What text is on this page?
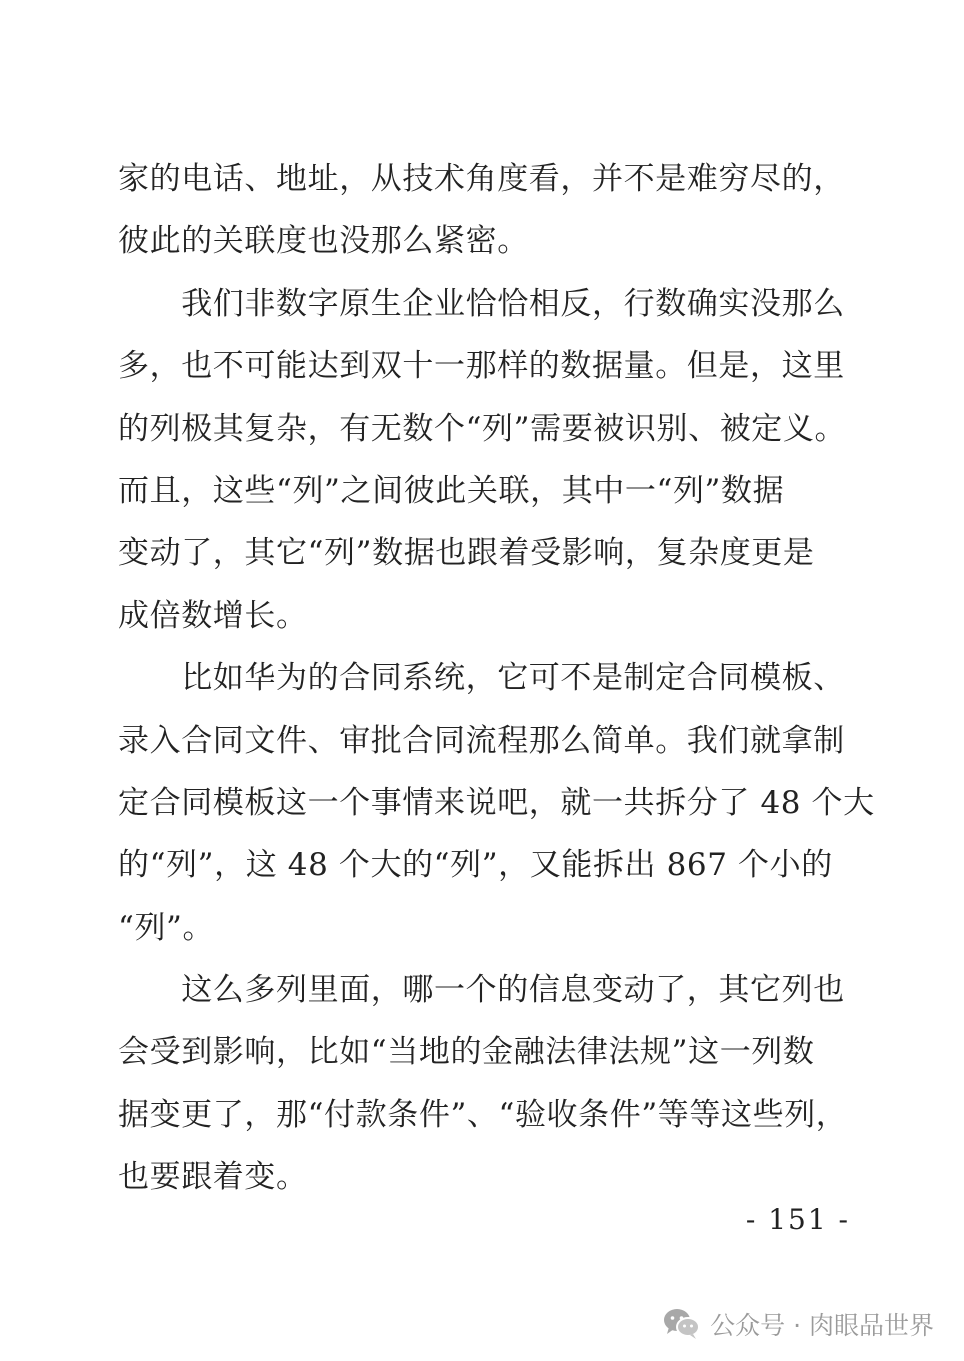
家的电话、地址，从技术角度看，并不是难穷尽的，
彼此的关联度也没那么紧密。
　　我们非数字原生企业恰恰相反，行数确实没那么
多，也不可能达到双十一那样的数据量。但是，这里
的列极其复杂，有无数个“列”需要被识别、被定义。
而且，这些“列”之间彼此关联，其中一“列”数据
变动了，其它“列”数据也跟着受影响，复杂度更是
成倍数增长。
　　比如华为的合同系统，它可不是制定合同模板、
录入合同文件、审批合同流程那么简单。我们就拿制
定合同模板这一个事情来说吧，就一共拆分了 48 个大
的“列”，这 48 个大的“列”，又能拆出 867 个小的
“列”。
　　这么多列里面，哪一个的信息变动了，其它列也
会受到影响，比如“当地的金融法律法规”这一列数
据变更了，那“付款条件”、“验收条件”等等这些列，
也要跟着变。
- 151 -
公众号 · 肉眼品世界
